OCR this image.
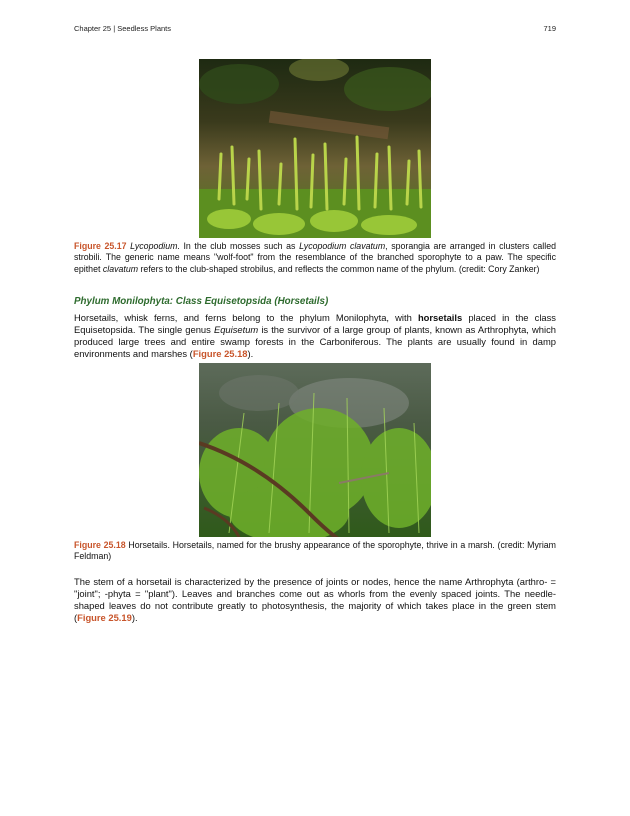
Chapter 25 | Seedless Plants	719
Figure 25.17 Lycopodium. In the club mosses such as Lycopodium clavatum, sporangia are arranged in clusters called strobili. The generic name means "wolf-foot" from the resemblance of the branched sporophyte to a paw. The specific epithet clavatum refers to the club-shaped strobilus, and reflects the common name of the phylum. (credit: Cory Zanker)
Phylum Monilophyta: Class Equisetopsida (Horsetails)
Horsetails, whisk ferns, and ferns belong to the phylum Monilophyta, with horsetails placed in the class Equisetopsida. The single genus Equisetum is the survivor of a large group of plants, known as Arthrophyta, which produced large trees and entire swamp forests in the Carboniferous. The plants are usually found in damp environments and marshes (Figure 25.18).
Figure 25.18 Horsetails. Horsetails, named for the brushy appearance of the sporophyte, thrive in a marsh. (credit: Myriam Feldman)
The stem of a horsetail is characterized by the presence of joints or nodes, hence the name Arthrophyta (arthro- = "joint"; -phyta = "plant"). Leaves and branches come out as whorls from the evenly spaced joints. The needle-shaped leaves do not contribute greatly to photosynthesis, the majority of which takes place in the green stem (Figure 25.19).
